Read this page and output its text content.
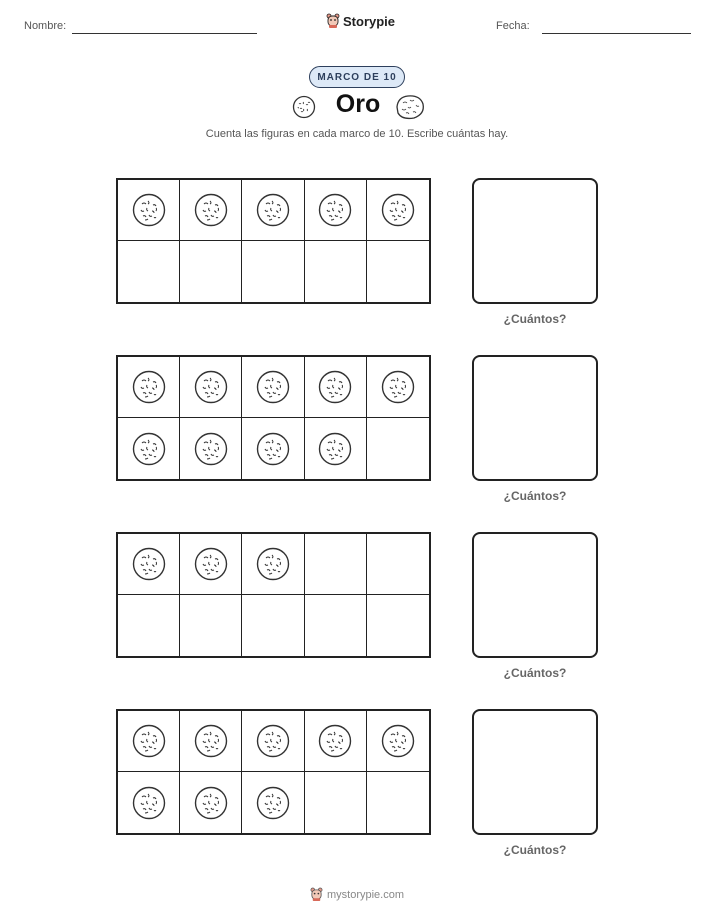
Nombre:	Storypie	Fecha:
MARCO DE 10
Oro
Cuenta las figuras en cada marco de 10. Escribe cuántas hay.
¿Cuántos?
¿Cuántos?
¿Cuántos?
¿Cuántos?
mystorypie.com
